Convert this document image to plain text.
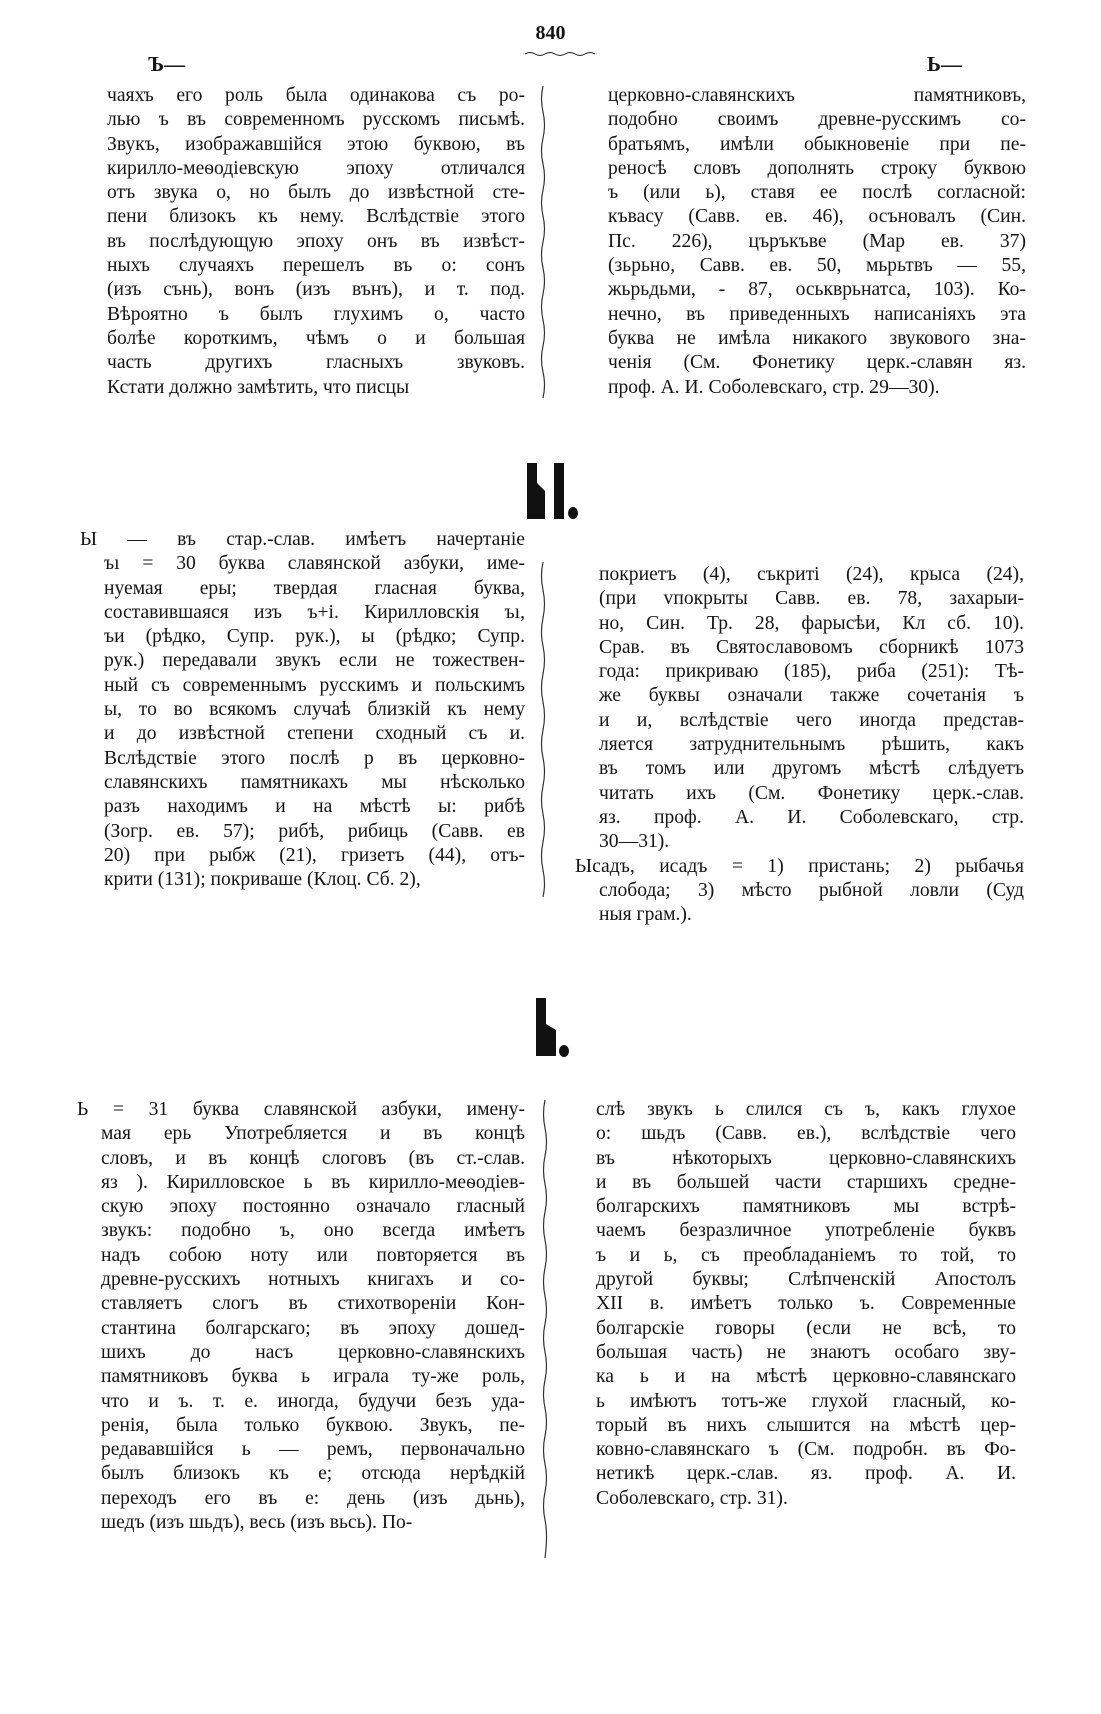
840
Ъ—	Ь—

чаяхъ его роль была одинакова съ ро-
лью ъ въ современномъ русскомъ письмѣ.
Звукъ, изображавшiйся этою буквою, въ
кирилло-меѳодiевскую эпоху отличался
отъ звука о, но былъ до извѣстной сте-
пени близокъ къ нему. Вслѣдствiе этого
въ послѣдующую эпоху онъ въ извѣст-
ныхъ случаяхъ перешелъ въ о: сонъ
(изъ сънь), вонъ (изъ вънъ), и т. под.
Вѣроятно ъ былъ глухимъ о, часто
болѣе короткимъ, чѣмъ о и большая
часть другихъ гласныхъ звуковъ.
Кстати должно замѣтить, что писцы

церковно-славянскихъ памятниковъ,
подобно своимъ древне-русскимъ со-
братьямъ, имѣли обыкновенiе при пе-
реносѣ словъ дополнять строку буквою
ъ (или ь), ставя ее послѣ согласной:
къвасу (Савв. ев. 46), осъновалъ (Син.
Пс. 226), църъкъве (Мар ев. 37)
(зьрьно, Савв. ев. 50, мьрьтвъ — 55,
жьрьдьми, - 87, оськврьнатса, 103). Ко-
нечно, въ приведенныхъ написанiяхъ эта
буква не имѣла никакого звукового зна-
ченiя (См. Фонетику церк.-славян яз.
проф. А. И. Соболевскаго, стр. 29—30).

Ы — въ стар.-слав. имѣетъ начертанiе
ъı = 30 буква славянской азбуки, име-
нуемая еры; твердая гласная буква,
составившаяся изъ ъ+i. Кирилловскiя ъı,
ъи (рѣдко, Супр. рук.), ы (рѣдко; Супр.
рук.) передавали звукъ если не тожествен-
ный съ современнымъ русскимъ и польскимъ
ы, то во всякомъ случаѣ близкiй къ нему
и до извѣстной степени сходный съ и.
Вслѣдствiе этого послѣ р въ церковно-
славянскихъ памятникахъ мы нѣсколько
разъ находимъ и на мѣстѣ ы: рибѣ
(Зогр. ев. 57); рибѣ, рибиць (Савв. ев
20) при рыбж (21), гризетъ (44), отъ-
крити (131); покриваше (Клоц. Сб. 2),

покриетъ (4), съкритi (24), крыса (24),
(при vпокрыты Савв. ев. 78, захарыи-
но, Син. Тр. 28, фарысѣи, Кл сб. 10).
Срав. въ Святославовомъ сборникѣ 1073
года: прикриваю (185), риба (251): Тѣ-
же буквы означали также сочетанiя ъ
и и, вслѣдствiе чего иногда представ-
ляется затруднительнымъ рѣшить, какъ
въ томъ или другомъ мѣстѣ слѣдуетъ
читать ихъ (См. Фонетику церк.-слав.
яз. проф. А. И. Соболевскаго, стр.
30—31).

Ысадъ, исадъ = 1) пристань; 2) рыбачья
слобода; 3) мѣсто рыбной ловли (Суд
ныя грам.).

Ь = 31 буква славянской азбуки, имену-
мая ерь Употребляется и въ концѣ
словъ, и въ концѣ слоговъ (въ ст.-слав.
яз ). Кирилловское ь въ кирилло-меѳодiев-
скую эпоху постоянно означало гласный
звукъ: подобно ъ, оно всегда имѣетъ
надъ собою ноту или повторяется въ
древне-русскихъ нотныхъ книгахъ и со-
ставляетъ слогъ въ стихотворенiи Кон-
стантина болгарскаго; въ эпоху дошед-
шихъ до насъ церковно-славянскихъ
памятниковъ буква ь играла ту-же роль,
что и ъ. т. е. иногда, будучи безъ уда-
ренiя, была только буквою. Звукъ, пе-
редававшiйся ь — ремъ, первоначально
былъ близокъ къ е; отсюда нерѣдкiй
переходъ его въ е: день (изъ дьнь),
шедъ (изъ шьдъ), весь (изъ вьсь). По-

слѣ звукъ ь слился съ ъ, какъ глухое
о: шьдъ (Савв. ев.), вслѣдствiе чего
въ нѣкоторыхъ церковно-славянскихъ
и въ большей части старшихъ средне-
болгарскихъ памятниковъ мы встрѣ-
чаемъ безразличное употребленiе буквъ
ъ и ь, съ преобладанiемъ то той, то
другой буквы; Слѣпченскiй Апостолъ
XII в. имѣетъ только ъ. Современные
болгарскiе говоры (если не всѣ, то
большая часть) не знаютъ особаго зву-
ка ь и на мѣстѣ церковно-славянскаго
ь имѣютъ тотъ-же глухой гласный, ко-
торый въ нихъ слышится на мѣстѣ цер-
ковно-славянскаго ъ (См. подробн. въ Фо-
нетикѣ церк.-слав. яз. проф. А. И.
Соболевскаго, стр. 31).
